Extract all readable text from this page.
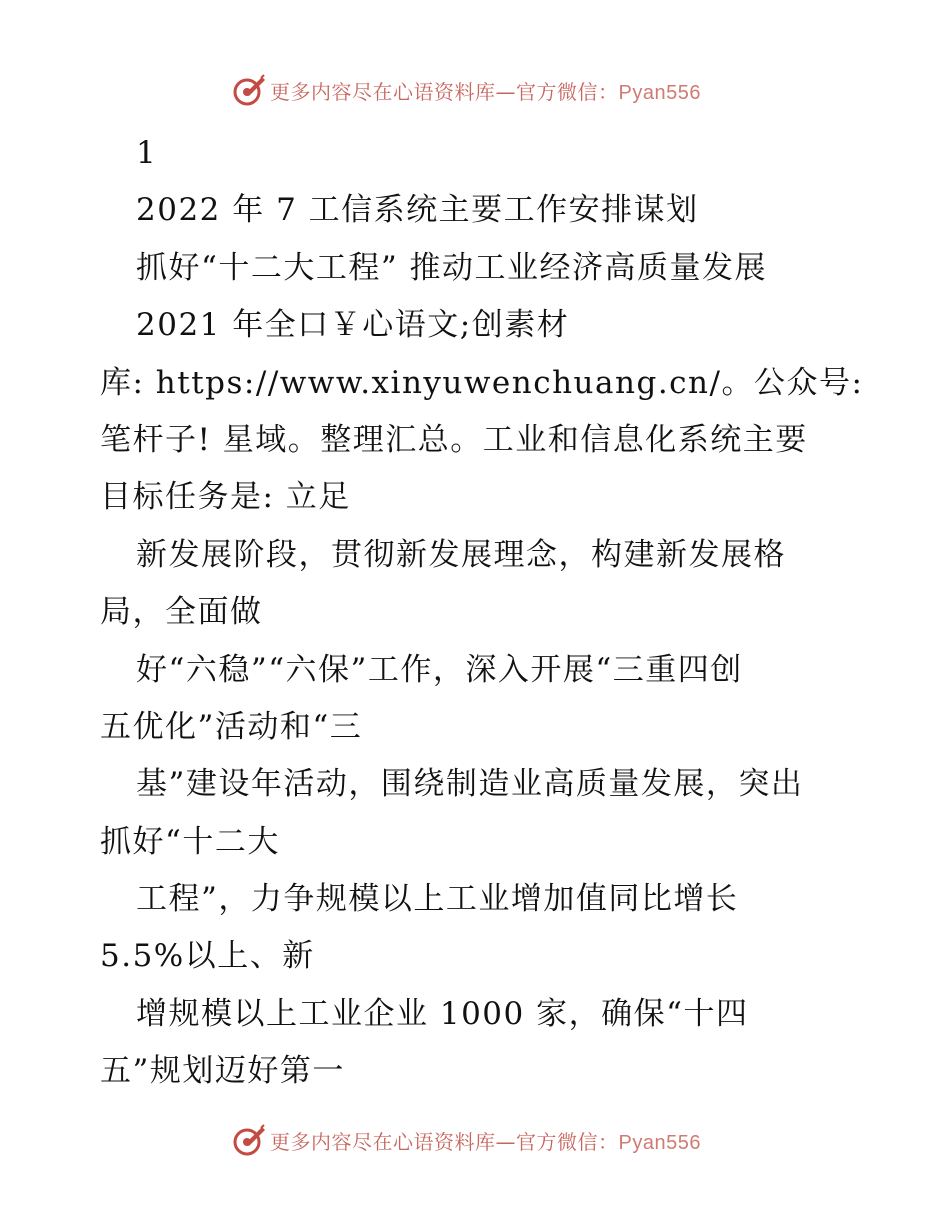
更多内容尽在心语资料库—官方微信：Pyan556
1
2022 年 7 工信系统主要工作安排谋划
抓好“十二大工程” 推动工业经济高质量发展
2021 年全口￥心语文;创素材
库: https://www.xinyuwenchuang.cn/。公众号:
笔杆子! 星域。整理汇总。工业和信息化系统主要
目标任务是: 立足
新发展阶段，贯彻新发展理念，构建新发展格
局，全面做
好“六稳”“六保”工作，深入开展“三重四创
五优化”活动和“三
基”建设年活动，围绕制造业高质量发展，突出
抓好“十二大
工程”，力争规模以上工业增加值同比增长
5.5%以上、新
增规模以上工业企业 1000 家，确保“十四
五”规划迈好第一
更多内容尽在心语资料库—官方微信：Pyan556
